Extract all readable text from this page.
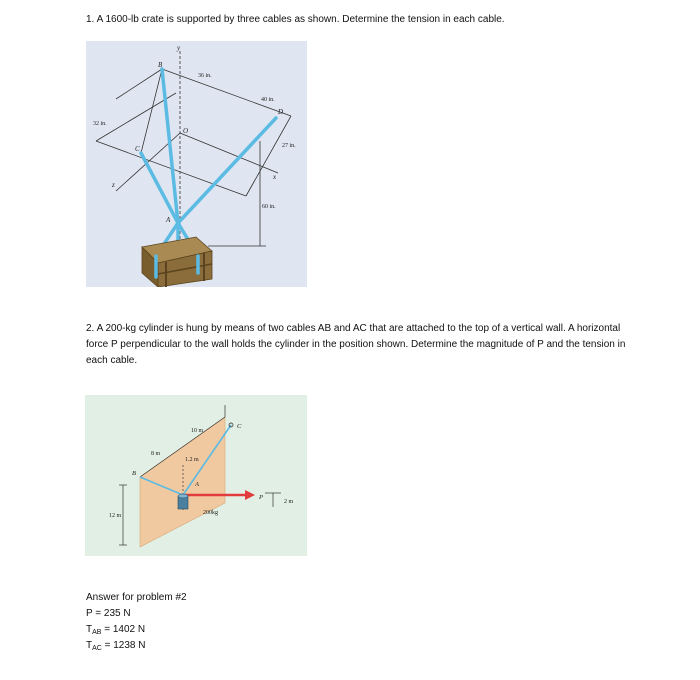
1. A 1600-lb crate is supported by three cables as shown. Determine the tension in each cable.

B
C
D
O
A
y
x
z
36 in.
40 in.
32 in.
27 in.
60 in.

2. A 200-kg cylinder is hung by means of two cables AB and AC that are attached to the top of a vertical wall. A horizontal force P perpendicular to the wall holds the cylinder in the position shown. Determine the magnitude of P and the tension in each cable.

B
C
A
P
10 m
8 m
1.2 m
12 m
2 m
200kg
Answer for problem #2
P = 235 N
$T_{AB} = 1402$ N
$T_{AC} = 1238$ N
